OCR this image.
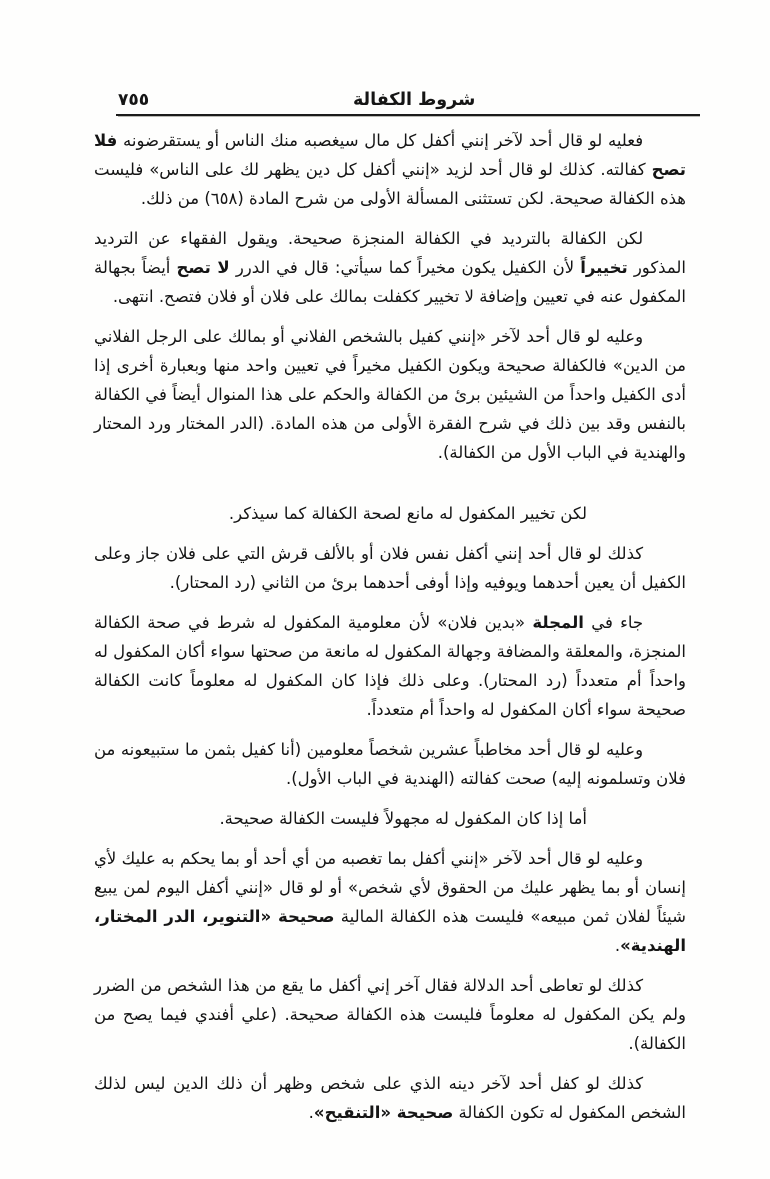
٧٥٥	شروط الكفالة

فعليه لو قال أحد لآخر إنني أكفل كل مال سيغصبه منك الناس أو يستقرضونه فلا تصح كفالته. كذلك لو قال أحد لزيد «إنني أكفل كل دين يظهر لك على الناس» فليست هذه الكفالة صحيحة. لكن تستثنى المسألة الأولى من شرح المادة (٦٥٨) من ذلك.

لكن الكفالة بالترديد في الكفالة المنجزة صحيحة. ويقول الفقهاء عن الترديد المذكور تخييراً لأن الكفيل يكون مخيراً كما سيأتي: قال في الدرر لا تصح أيضاً بجهالة المكفول عنه في تعيين وإضافة لا تخيير ككفلت بمالك على فلان أو فلان فتصح. انتهى.

وعليه لو قال أحد لآخر «إنني كفيل بالشخص الفلاني أو بمالك على الرجل الفلاني من الدين» فالكفالة صحيحة ويكون الكفيل مخيراً في تعيين واحد منها وبعبارة أخرى إذا أدى الكفيل واحداً من الشيئين برئ من الكفالة والحكم على هذا المنوال أيضاً في الكفالة بالنفس وقد بين ذلك في شرح الفقرة الأولى من هذه المادة. (الدر المختار ورد المحتار والهندية في الباب الأول من الكفالة).

لكن تخيير المكفول له مانع لصحة الكفالة كما سيذكر.

كذلك لو قال أحد إنني أكفل نفس فلان أو بالألف قرش التي على فلان جاز وعلى الكفيل أن يعين أحدهما ويوفيه وإذا أوفى أحدهما برئ من الثاني (رد المحتار).

جاء في المجلة «بدين فلان» لأن معلومية المكفول له شرط في صحة الكفالة المنجزة، والمعلقة والمضافة وجهالة المكفول له مانعة من صحتها سواء أكان المكفول له واحداً أم متعدداً (رد المحتار). وعلى ذلك فإذا كان المكفول له معلوماً كانت الكفالة صحيحة سواء أكان المكفول له واحداً أم متعدداً.

وعليه لو قال أحد مخاطباً عشرين شخصاً معلومين (أنا كفيل بثمن ما ستبيعونه من فلان وتسلمونه إليه) صحت كفالته (الهندية في الباب الأول).

أما إذا كان المكفول له مجهولاً فليست الكفالة صحيحة.

وعليه لو قال أحد لآخر «إنني أكفل بما تغصبه من أي أحد أو بما يحكم به عليك لأي إنسان أو بما يظهر عليك من الحقوق لأي شخص» أو لو قال «إنني أكفل اليوم لمن يبيع شيئاً لفلان ثمن مبيعه» فليست هذه الكفالة المالية صحيحة «التنوير، الدر المختار، الهندية».

كذلك لو تعاطى أحد الدلالة فقال آخر إني أكفل ما يقع من هذا الشخص من الضرر ولم يكن المكفول له معلوماً فليست هذه الكفالة صحيحة. (علي أفندي فيما يصح من الكفالة).

كذلك لو كفل أحد لآخر دينه الذي على شخص وظهر أن ذلك الدين ليس لذلك الشخص المكفول له تكون الكفالة صحيحة «التنقيح».
